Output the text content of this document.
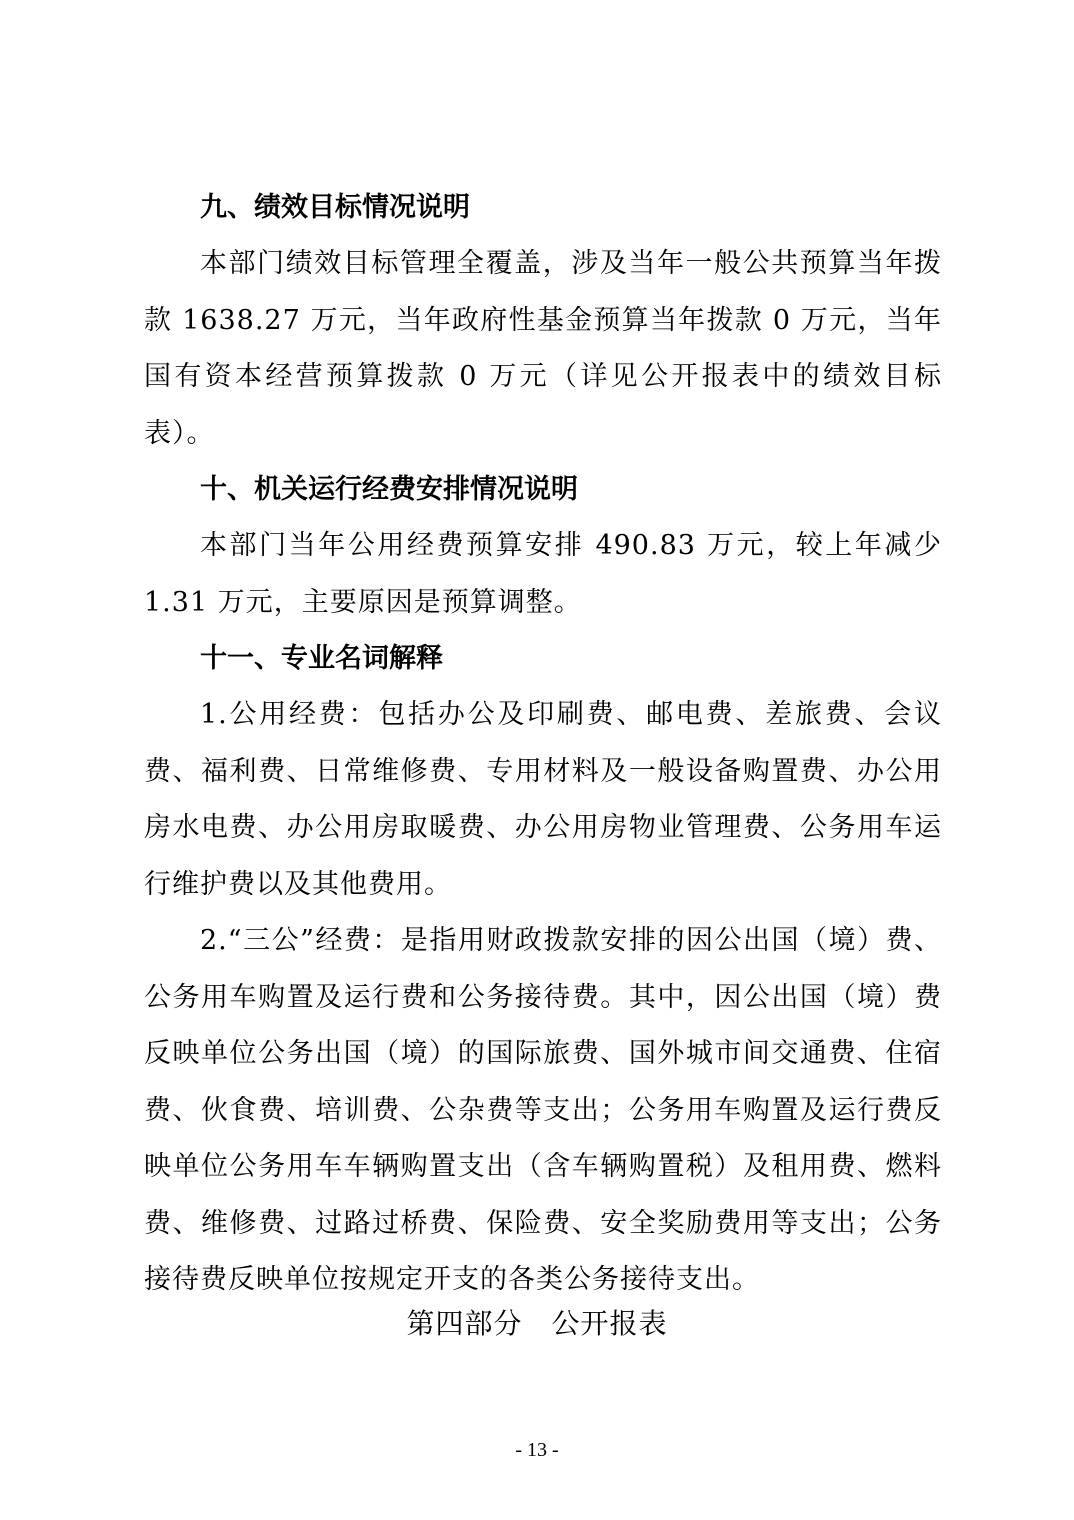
九、绩效目标情况说明

本部门绩效目标管理全覆盖，涉及当年一般公共预算当年拨款 1638.27 万元，当年政府性基金预算当年拨款 0 万元，当年国有资本经营预算拨款 0 万元（详见公开报表中的绩效目标表）。

十、机关运行经费安排情况说明

本部门当年公用经费预算安排 490.83 万元，较上年减少 1.31 万元，主要原因是预算调整。

十一、专业名词解释

1.公用经费：包括办公及印刷费、邮电费、差旅费、会议费、福利费、日常维修费、专用材料及一般设备购置费、办公用房水电费、办公用房取暖费、办公用房物业管理费、公务用车运行维护费以及其他费用。

2.“三公”经费：是指用财政拨款安排的因公出国（境）费、公务用车购置及运行费和公务接待费。其中，因公出国（境）费反映单位公务出国（境）的国际旅费、国外城市间交通费、住宿费、伙食费、培训费、公杂费等支出；公务用车购置及运行费反映单位公务用车车辆购置支出（含车辆购置税）及租用费、燃料费、维修费、过路过桥费、保险费、安全奖励费用等支出；公务接待费反映单位按规定开支的各类公务接待支出。

第四部分　公开报表
- 13 -
